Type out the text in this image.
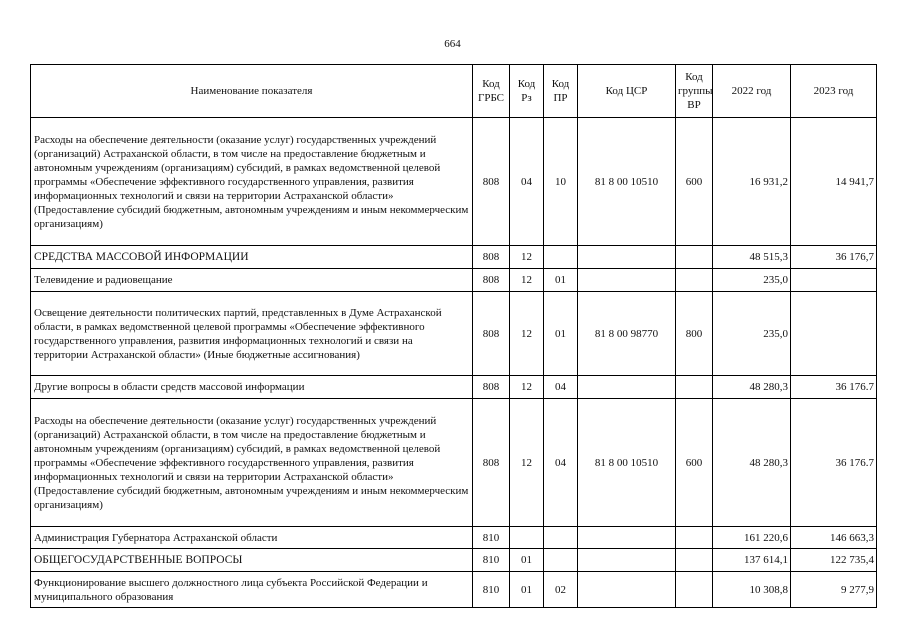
664
Наименование показателя	Код ГРБС	Код Рз	Код ПР	Код ЦСР	Код группы ВР	2022 год	2023 год
Расходы на обеспечение деятельности (оказание услуг) государственных учреждений (организаций) Астраханской области, в том числе на предоставление бюджетным и автономным учреждениям (организациям) субсидий, в рамках ведомственной целевой программы «Обеспечение эффективного государственного управления, развития информационных технологий и связи на территории Астраханской области» (Предоставление субсидий бюджетным, автономным учреждениям и иным некоммерческим организациям)	808	04	10	81 8 00 10510	600	16 931,2	14 941,7
СРЕДСТВА МАССОВОЙ ИНФОРМАЦИИ	808	12				48 515,3	36 176,7
Телевидение и радиовещание	808	12	01			235,0	
Освещение деятельности политических партий, представленных в Думе Астраханской области, в рамках ведомственной целевой программы «Обеспечение эффективного государственного управления, развития информационных технологий и связи на территории Астраханской области» (Иные бюджетные ассигнования)	808	12	01	81 8 00 98770	800	235,0	
Другие вопросы в области средств массовой информации	808	12	04			48 280,3	36 176.7
Расходы на обеспечение деятельности (оказание услуг) государственных учреждений (организаций) Астраханской области, в том числе на предоставление бюджетным и автономным учреждениям (организациям) субсидий, в рамках ведомственной целевой программы «Обеспечение эффективного государственного управления, развития информационных технологий и связи на территории Астраханской области» (Предоставление субсидий бюджетным, автономным учреждениям и иным некоммерческим организациям)	808	12	04	81 8 00 10510	600	48 280,3	36 176.7
Администрация Губернатора Астраханской области	810					161 220,6	146 663,3
ОБЩЕГОСУДАРСТВЕННЫЕ ВОПРОСЫ	810	01				137 614,1	122 735,4
Функционирование высшего должностного лица субъекта Российской Федерации и муниципального образования	810	01	02			10 308,8	9 277,9
